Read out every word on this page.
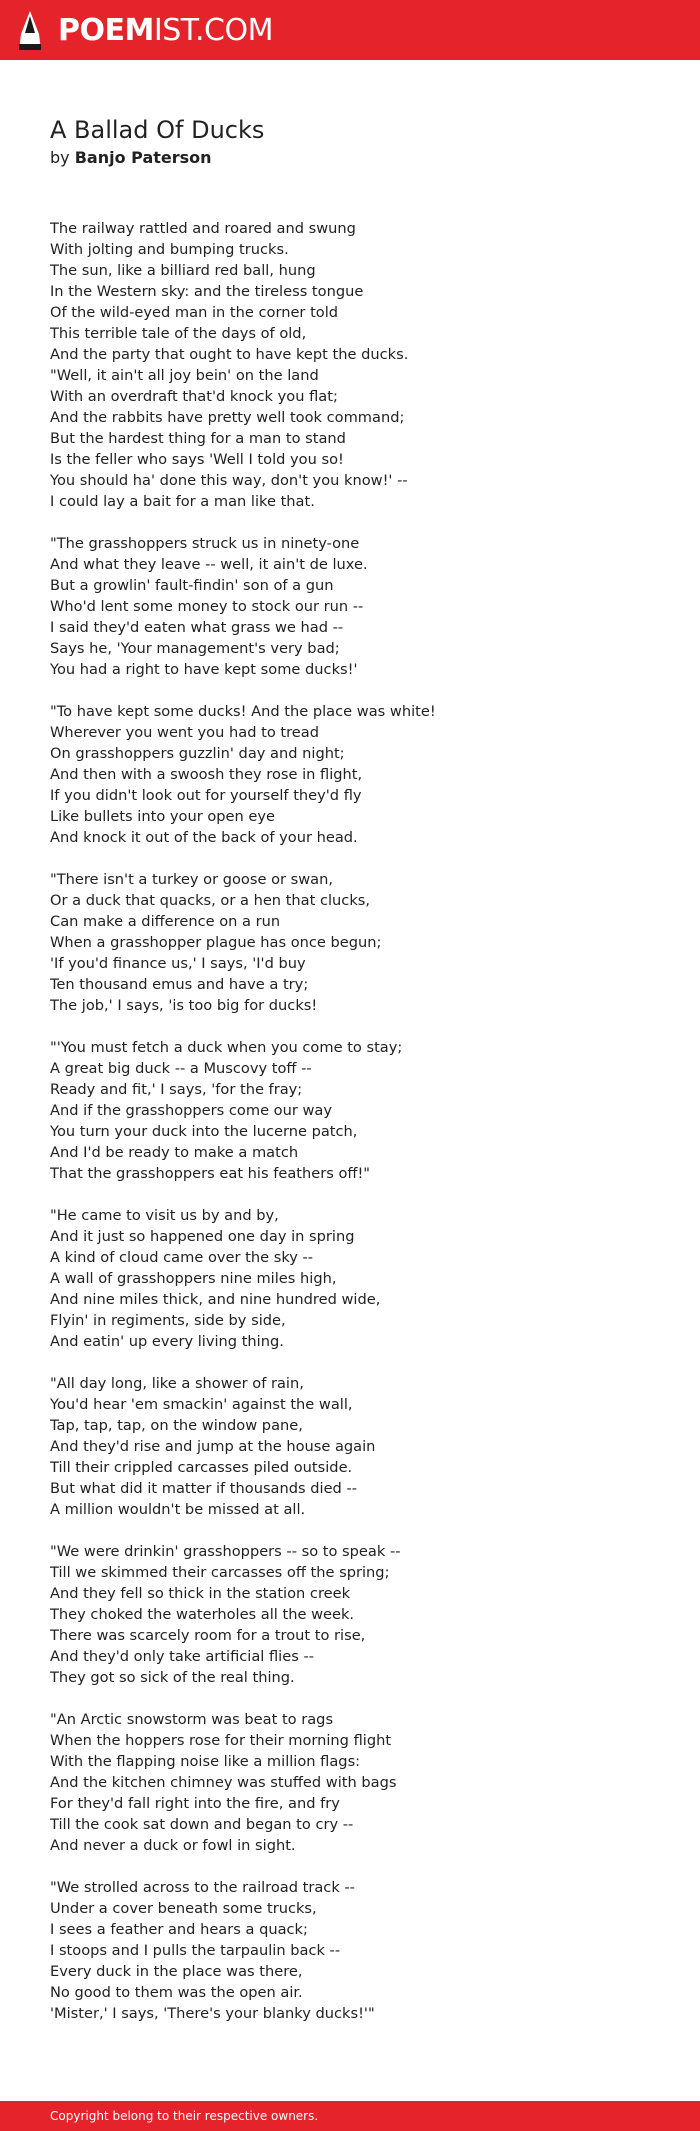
POEMIST.COM
A Ballad Of Ducks
by Banjo Paterson
The railway rattled and roared and swung
With jolting and bumping trucks.
The sun, like a billiard red ball, hung
In the Western sky: and the tireless tongue
Of the wild-eyed man in the corner told
This terrible tale of the days of old,
And the party that ought to have kept the ducks.
"Well, it ain't all joy bein' on the land
With an overdraft that'd knock you flat;
And the rabbits have pretty well took command;
But the hardest thing for a man to stand
Is the feller who says 'Well I told you so!
You should ha' done this way, don't you know!' --
I could lay a bait for a man like that.
"The grasshoppers struck us in ninety-one
And what they leave -- well, it ain't de luxe.
But a growlin' fault-findin' son of a gun
Who'd lent some money to stock our run --
I said they'd eaten what grass we had --
Says he, 'Your management's very bad;
You had a right to have kept some ducks!'
"To have kept some ducks! And the place was white!
Wherever you went you had to tread
On grasshoppers guzzlin' day and night;
And then with a swoosh they rose in flight,
If you didn't look out for yourself they'd fly
Like bullets into your open eye
And knock it out of the back of your head.
"There isn't a turkey or goose or swan,
Or a duck that quacks, or a hen that clucks,
Can make a difference on a run
When a grasshopper plague has once begun;
'If you'd finance us,' I says, 'I'd buy
Ten thousand emus and have a try;
The job,' I says, 'is too big for ducks!
"'You must fetch a duck when you come to stay;
A great big duck -- a Muscovy toff --
Ready and fit,' I says, 'for the fray;
And if the grasshoppers come our way
You turn your duck into the lucerne patch,
And I'd be ready to make a match
That the grasshoppers eat his feathers off!"
"He came to visit us by and by,
And it just so happened one day in spring
A kind of cloud came over the sky --
A wall of grasshoppers nine miles high,
And nine miles thick, and nine hundred wide,
Flyin' in regiments, side by side,
And eatin' up every living thing.
"All day long, like a shower of rain,
You'd hear 'em smackin' against the wall,
Tap, tap, tap, on the window pane,
And they'd rise and jump at the house again
Till their crippled carcasses piled outside.
But what did it matter if thousands died --
A million wouldn't be missed at all.
"We were drinkin' grasshoppers -- so to speak --
Till we skimmed their carcasses off the spring;
And they fell so thick in the station creek
They choked the waterholes all the week.
There was scarcely room for a trout to rise,
And they'd only take artificial flies --
They got so sick of the real thing.
"An Arctic snowstorm was beat to rags
When the hoppers rose for their morning flight
With the flapping noise like a million flags:
And the kitchen chimney was stuffed with bags
For they'd fall right into the fire, and fry
Till the cook sat down and began to cry --
And never a duck or fowl in sight.
"We strolled across to the railroad track --
Under a cover beneath some trucks,
I sees a feather and hears a quack;
I stoops and I pulls the tarpaulin back --
Every duck in the place was there,
No good to them was the open air.
'Mister,' I says, 'There's your blanky ducks!'"
Copyright belong to their respective owners.
